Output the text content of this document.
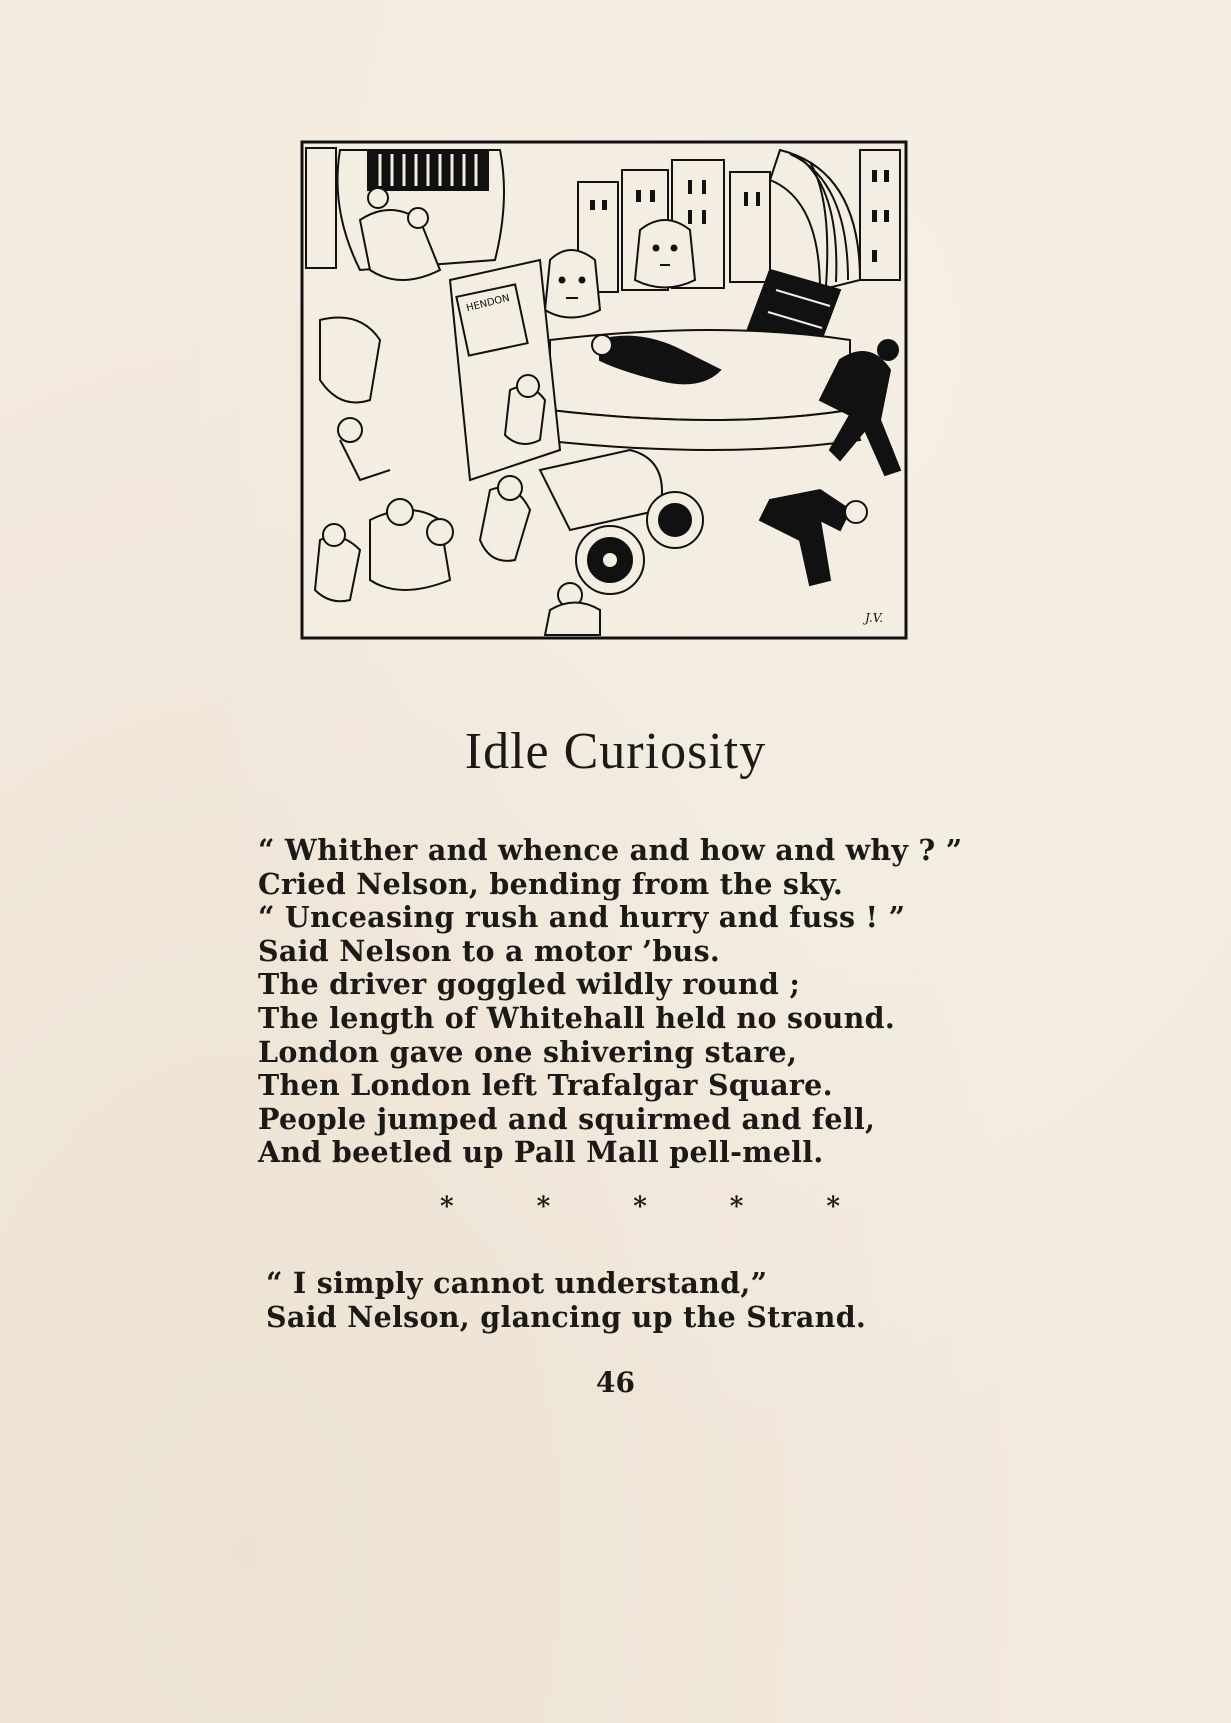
HENDON
J.V.
Idle Curiosity
“ Whither and whence and how and why ? ”
Cried Nelson, bending from the sky.
“ Unceasing rush and hurry and fuss ! ”
Said Nelson to a motor ’bus.
The driver goggled wildly round ;
The length of Whitehall held no sound.
London gave one shivering stare,
Then London left Trafalgar Square.
People jumped and squirmed and fell,
And beetled up Pall Mall pell-mell.
*	*	*	*	*
“ I simply cannot understand,”
Said Nelson, glancing up the Strand.
46
